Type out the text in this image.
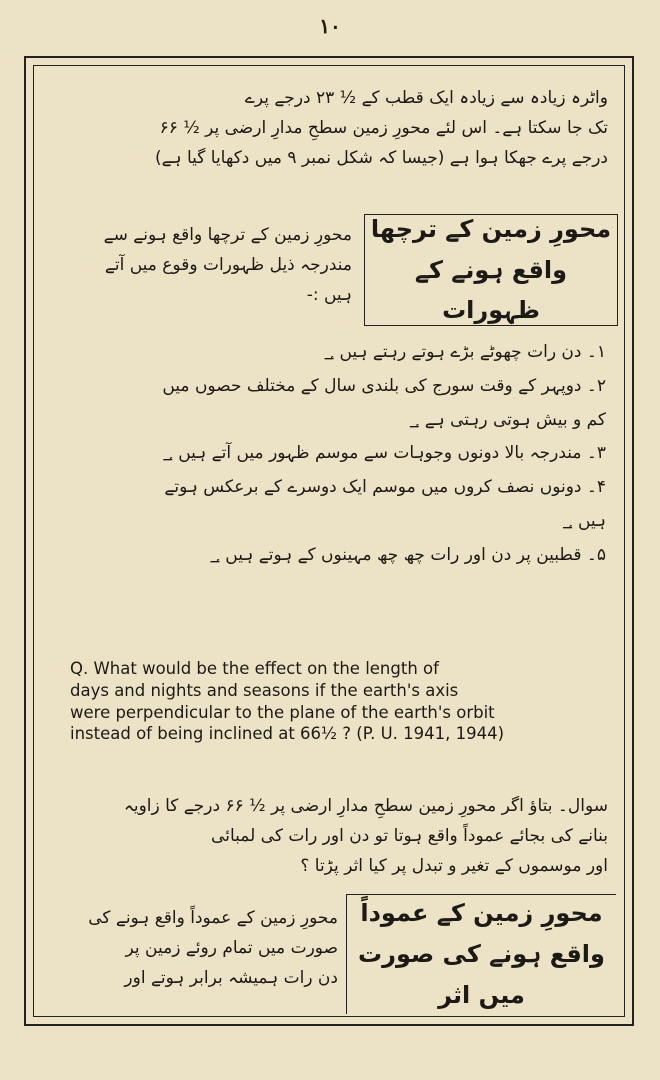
۱۰
واٹرہ زیادہ سے زیادہ ایک قطب کے ½ ۲۳ درجے پرے
تک جا سکتا ہے۔ اس لئے محورِ زمین سطحِ مدارِ ارضی پر ½ ۶۶
درجے پرے جھکا ہوا ہے (جیسا کہ شکل نمبر ۹ میں دکھایا گیا ہے)
محورِ زمین کے ترچھا واقع ہونے کے ظہورات
محورِ زمین کے ترچھا واقع ہونے سے
مندرجہ ذیل ظہورات وقوع میں آتے
ہیں :-
۱۔ دن رات چھوٹے بڑے ہوتے رہتے ہیں ؀
۲۔ دوپہر کے وقت سورج کی بلندی سال کے مختلف حصوں میں
کم و بیش ہوتی رہتی ہے ؀
۳۔ مندرجہ بالا دونوں وجوہات سے موسم ظہور میں آتے ہیں ؀
۴۔ دونوں نصف کروں میں موسم ایک دوسرے کے برعکس ہوتے
ہیں ؀
۵۔ قطبین پر دن اور رات چھ چھ مہینوں کے ہوتے ہیں ؀
Q. What would be the effect on the length of
days and nights and seasons if the earth's axis
were perpendicular to the plane of the earth's orbit
instead of being inclined at 66½ ? (P. U. 1941, 1944)
سوال۔ بتاؤ اگر محورِ زمین سطحِ مدارِ ارضی پر ½ ۶۶ درجے کا زاویہ
بنانے کی بجائے عموداً واقع ہوتا تو دن اور رات کی لمبائی
اور موسموں کے تغیر و تبدل پر کیا اثر پڑتا ؟
محورِ زمین کے عموداً واقع ہونے کی صورت میں اثر
محورِ زمین کے عموداً واقع ہونے کی
صورت میں تمام روئے زمین پر
دن رات ہمیشہ برابر ہوتے اور
